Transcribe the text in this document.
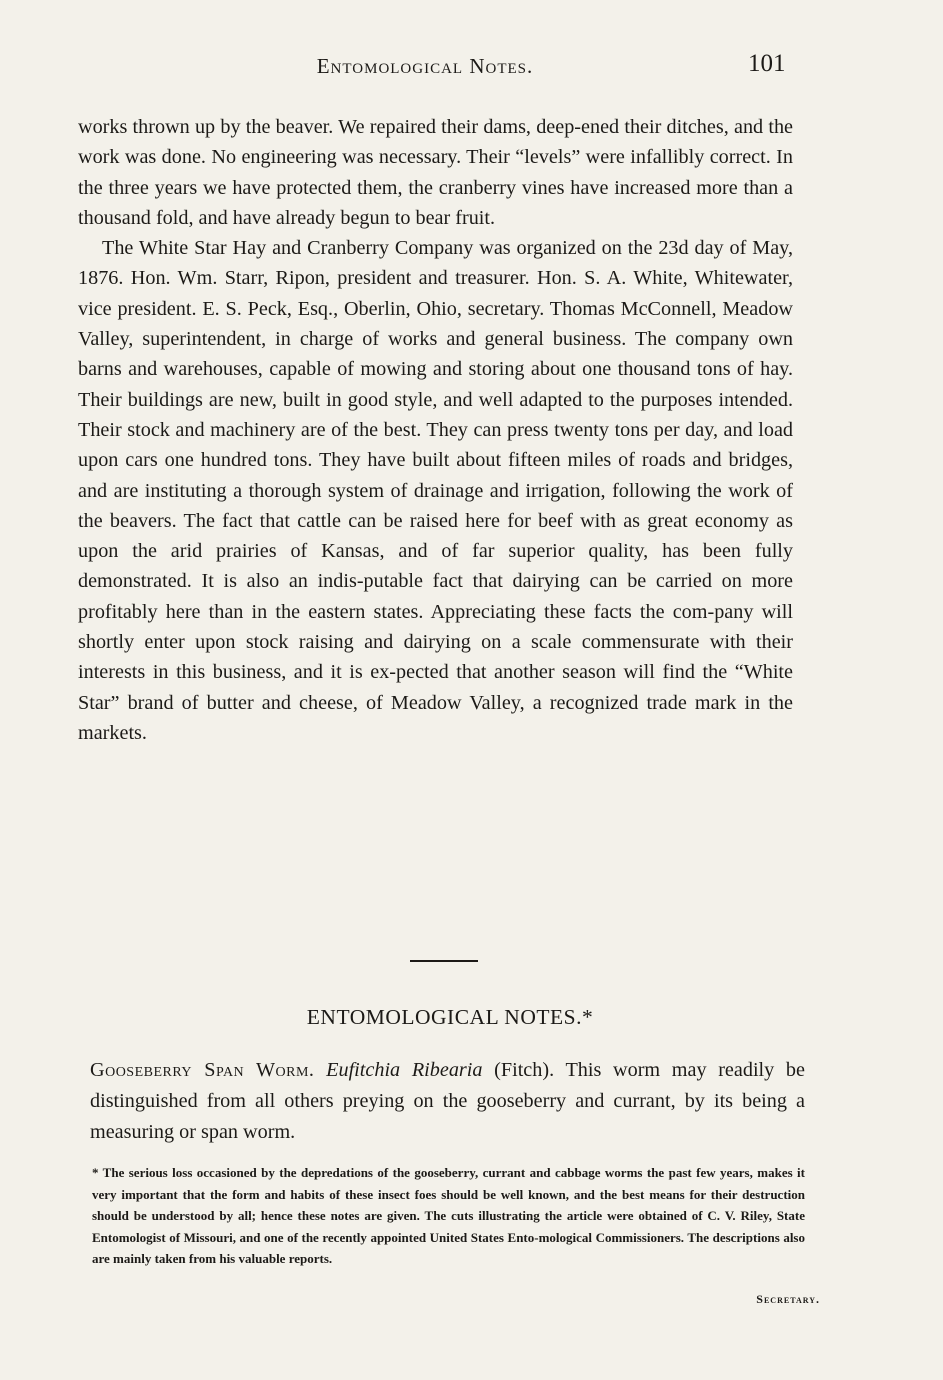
Entomological Notes.	101

works thrown up by the beaver. We repaired their dams, deep-ened their ditches, and the work was done. No engineering was necessary. Their “levels” were infallibly correct. In the three years we have protected them, the cranberry vines have increased more than a thousand fold, and have already begun to bear fruit.

The White Star Hay and Cranberry Company was organized on the 23d day of May, 1876. Hon. Wm. Starr, Ripon, president and treasurer. Hon. S. A. White, Whitewater, vice president. E. S. Peck, Esq., Oberlin, Ohio, secretary. Thomas McConnell, Meadow Valley, superintendent, in charge of works and general business. The company own barns and warehouses, capable of mowing and storing about one thousand tons of hay. Their buildings are new, built in good style, and well adapted to the purposes intended. Their stock and machinery are of the best. They can press twenty tons per day, and load upon cars one hundred tons. They have built about fifteen miles of roads and bridges, and are instituting a thorough system of drainage and irrigation, following the work of the beavers. The fact that cattle can be raised here for beef with as great economy as upon the arid prairies of Kansas, and of far superior quality, has been fully demonstrated. It is also an indis-putable fact that dairying can be carried on more profitably here than in the eastern states. Appreciating these facts the com-pany will shortly enter upon stock raising and dairying on a scale commensurate with their interests in this business, and it is ex-pected that another season will find the “White Star” brand of butter and cheese, of Meadow Valley, a recognized trade mark in the markets.

ENTOMOLOGICAL NOTES.*
Gooseberry Span Worm. Eufitchia Ribearia (Fitch). This worm may readily be distinguished from all others preying on the gooseberry and currant, by its being a measuring or span worm.
* The serious loss occasioned by the depredations of the gooseberry, currant and cabbage worms the past few years, makes it very important that the form and habits of these insect foes should be well known, and the best means for their destruction should be understood by all; hence these notes are given. The cuts illustrating the article were obtained of C. V. Riley, State Entomologist of Missouri, and one of the recently appointed United States Ento-mological Commissioners. The descriptions also are mainly taken from his valuable reports.
Secretary.
